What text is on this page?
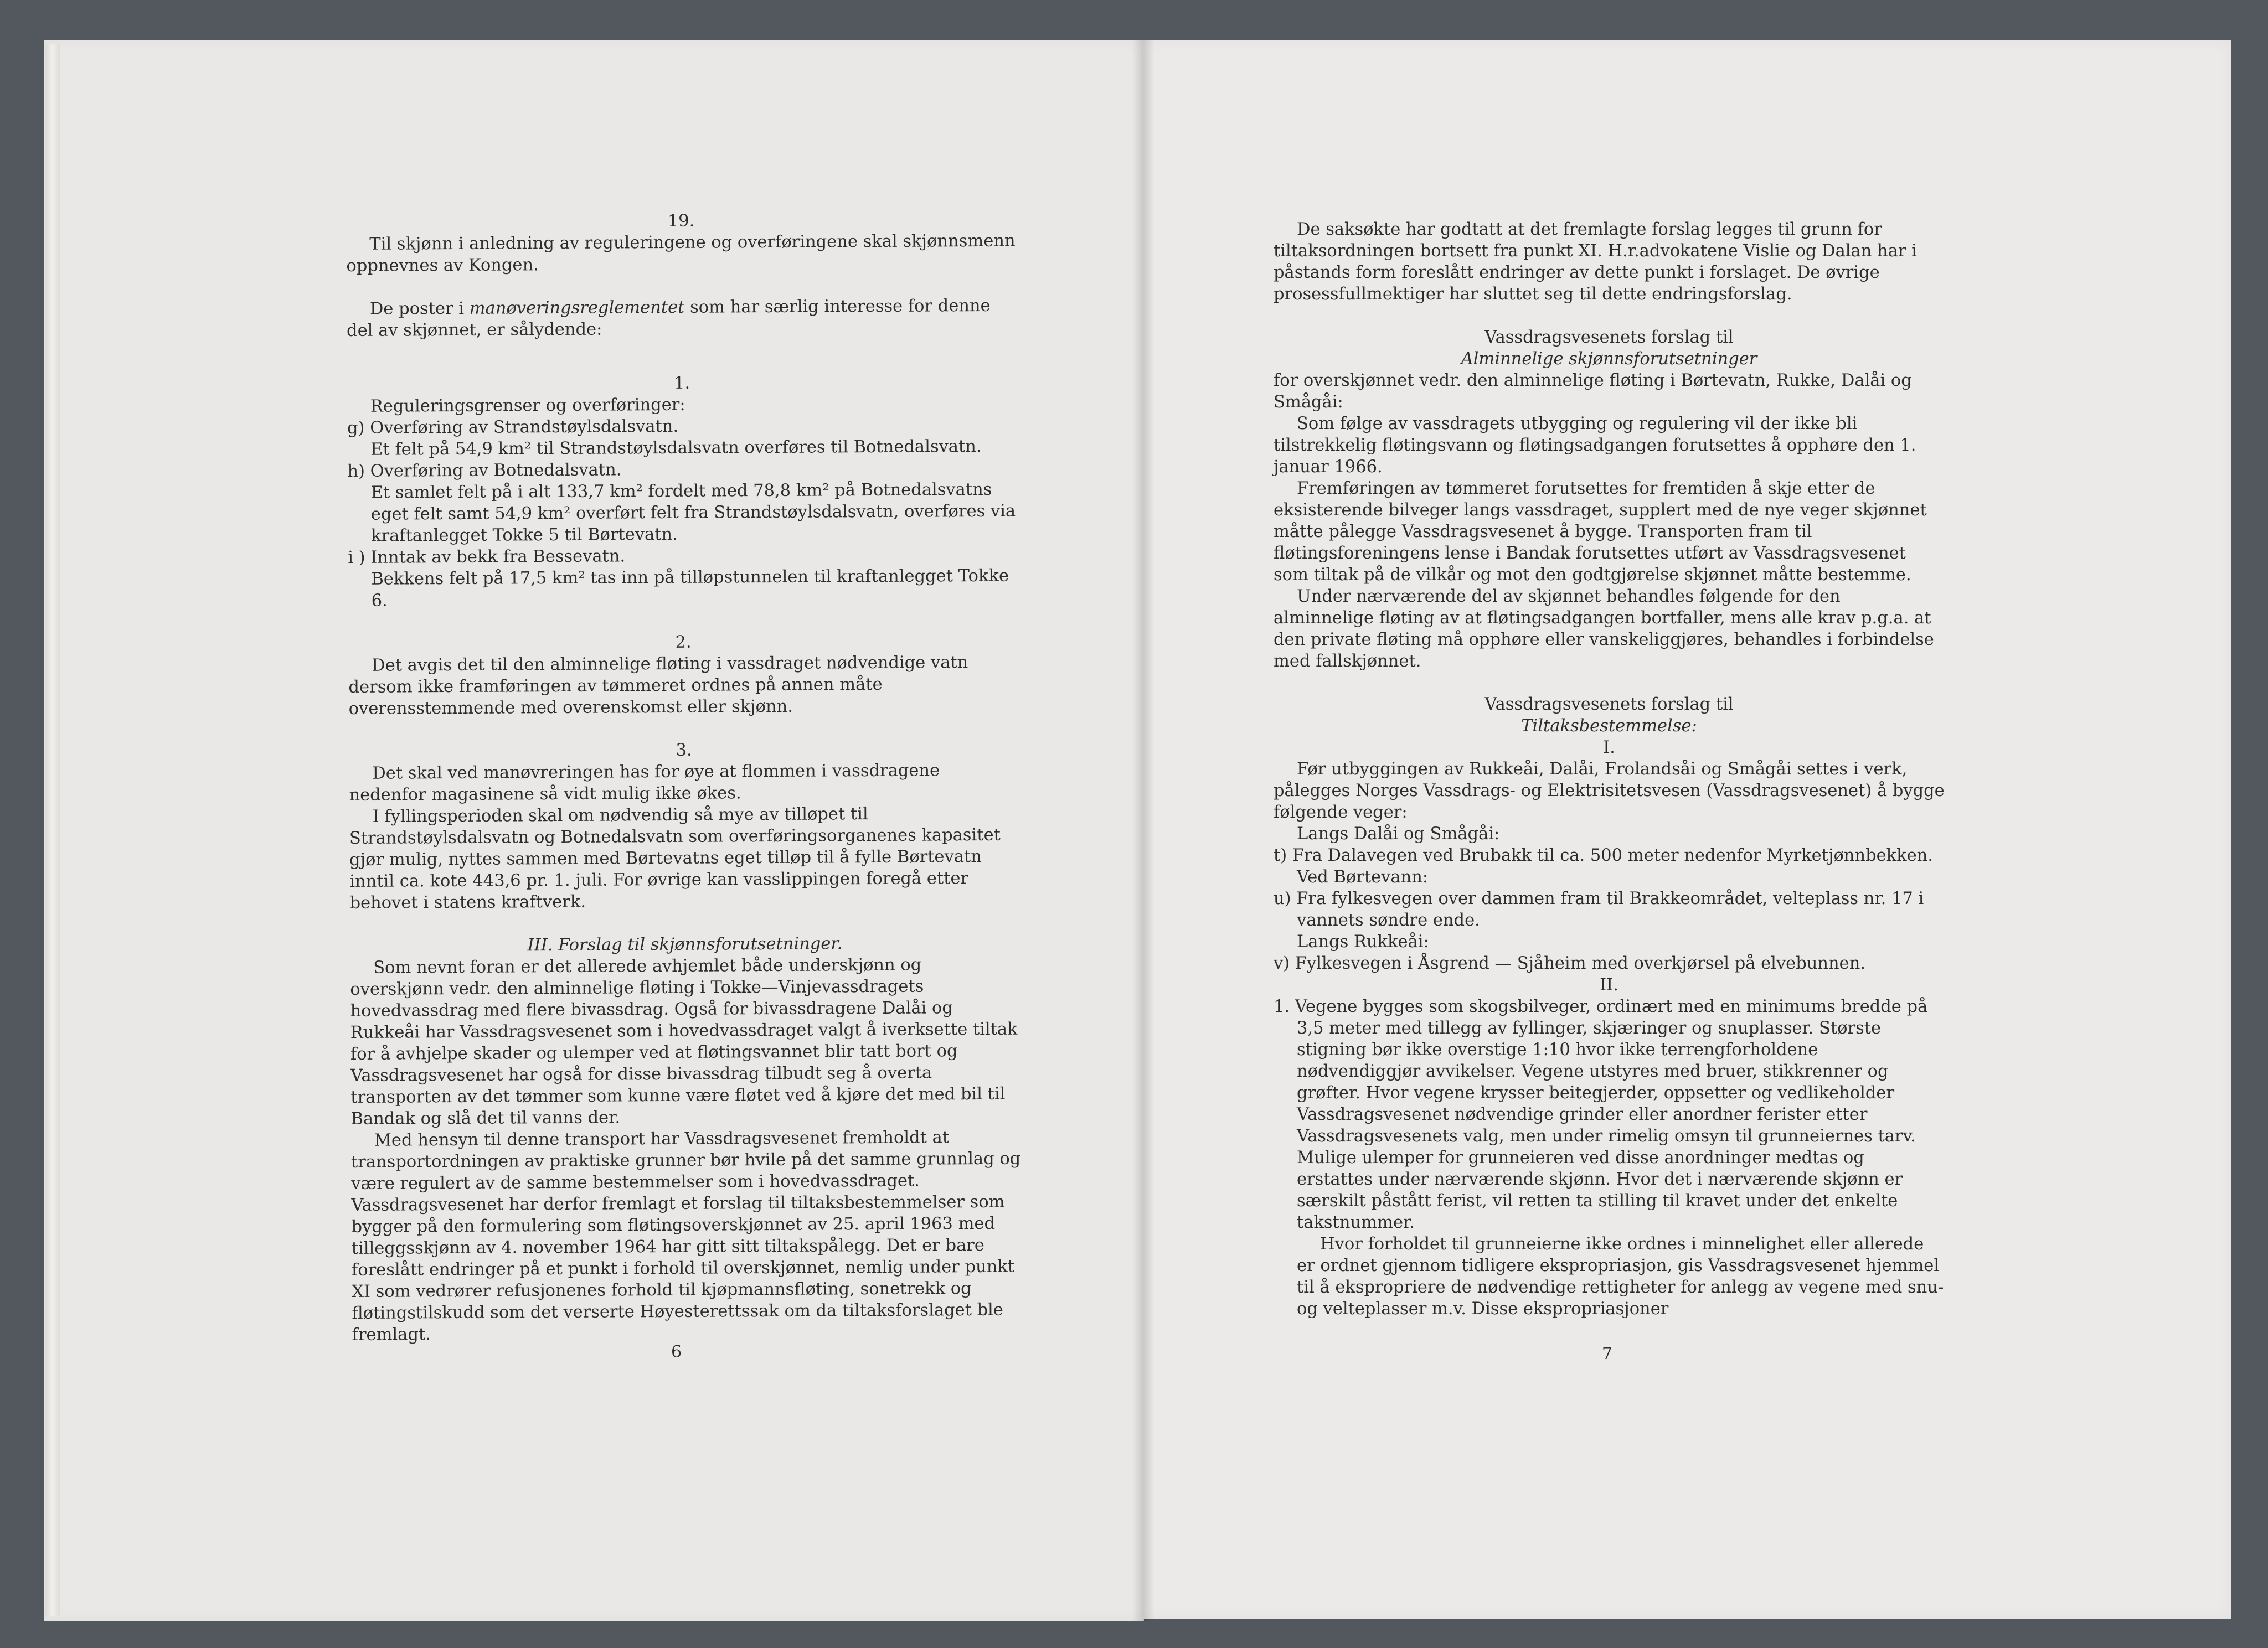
19.

Til skjønn i anledning av reguleringene og overføringene skal skjønnsmenn oppnevnes av Kongen.

De poster i manøveringsreglementet som har særlig interesse for denne del av skjønnet, er sålydende:

1.

Reguleringsgrenser og overføringer:

g) Overføring av Strandstøylsdalsvatn.

Et felt på 54,9 km² til Strandstøylsdalsvatn overføres til Botnedalsvatn.

h) Overføring av Botnedalsvatn.

Et samlet felt på i alt 133,7 km² fordelt med 78,8 km² på Botnedalsvatns eget felt samt 54,9 km² overført felt fra Strandstøylsdalsvatn, overføres via kraftanlegget Tokke 5 til Børtevatn.

i ) Inntak av bekk fra Bessevatn.

Bekkens felt på 17,5 km² tas inn på tilløpstunnelen til kraftanlegget Tokke 6.

2.

Det avgis det til den alminnelige fløting i vassdraget nødvendige vatn dersom ikke framføringen av tømmeret ordnes på annen måte overensstemmende med overenskomst eller skjønn.

3.

Det skal ved manøvreringen has for øye at flommen i vassdragene nedenfor magasinene så vidt mulig ikke økes.

I fyllingsperioden skal om nødvendig så mye av tilløpet til Strandstøylsdalsvatn og Botnedalsvatn som overføringsorganenes kapasitet gjør mulig, nyttes sammen med Børtevatns eget tilløp til å fylle Børtevatn inntil ca. kote 443,6 pr. 1. juli. For øvrige kan vasslippingen foregå etter behovet i statens kraftverk.

III. Forslag til skjønnsforutsetninger.

Som nevnt foran er det allerede avhjemlet både underskjønn og overskjønn vedr. den alminnelige fløting i Tokke—Vinjevassdragets hovedvassdrag med flere bivassdrag. Også for bivassdragene Dalåi og Rukkeåi har Vassdragsvesenet som i hovedvassdraget valgt å iverksette tiltak for å avhjelpe skader og ulemper ved at fløtingsvannet blir tatt bort og Vassdragsvesenet har også for disse bivassdrag tilbudt seg å overta transporten av det tømmer som kunne være fløtet ved å kjøre det med bil til Bandak og slå det til vanns der.

Med hensyn til denne transport har Vassdragsvesenet fremholdt at transportordningen av praktiske grunner bør hvile på det samme grunnlag og være regulert av de samme bestemmelser som i hovedvassdraget. Vassdragsvesenet har derfor fremlagt et forslag til tiltaksbestemmelser som bygger på den formulering som fløtingsoverskjønnet av 25. april 1963 med tilleggsskjønn av 4. november 1964 har gitt sitt tiltakspålegg. Det er bare foreslått endringer på et punkt i forhold til overskjønnet, nemlig under punkt XI som vedrører refusjonenes forhold til kjøpmannsfløting, sonetrekk og fløtingstilskudd som det verserte Høyesterettssak om da tiltaksforslaget ble fremlagt.

6

De saksøkte har godtatt at det fremlagte forslag legges til grunn for tiltaksordningen bortsett fra punkt XI. H.r.advokatene Vislie og Dalan har i påstands form foreslått endringer av dette punkt i forslaget. De øvrige prosessfullmektiger har sluttet seg til dette endringsforslag.

Vassdragsvesenets forslag til

Alminnelige skjønnsforutsetninger

for overskjønnet vedr. den alminnelige fløting i Børtevatn, Rukke, Dalåi og Smågåi:

Som følge av vassdragets utbygging og regulering vil der ikke bli tilstrekkelig fløtingsvann og fløtingsadgangen forutsettes å opphøre den 1. januar 1966.

Fremføringen av tømmeret forutsettes for fremtiden å skje etter de eksisterende bilveger langs vassdraget, supplert med de nye veger skjønnet måtte pålegge Vassdragsvesenet å bygge. Transporten fram til fløtingsforeningens lense i Bandak forutsettes utført av Vassdragsvesenet som tiltak på de vilkår og mot den godtgjørelse skjønnet måtte bestemme.

Under nærværende del av skjønnet behandles følgende for den alminnelige fløting av at fløtingsadgangen bortfaller, mens alle krav p.g.a. at den private fløting må opphøre eller vanskeliggjøres, behandles i forbindelse med fallskjønnet.

Vassdragsvesenets forslag til

Tiltaksbestemmelse:

I.

Før utbyggingen av Rukkeåi, Dalåi, Frolandsåi og Smågåi settes i verk, pålegges Norges Vassdrags- og Elektrisitetsvesen (Vassdragsvesenet) å bygge følgende veger:

Langs Dalåi og Smågåi:

t) Fra Dalavegen ved Brubakk til ca. 500 meter nedenfor Myrketjønnbekken.

Ved Børtevann:

u) Fra fylkesvegen over dammen fram til Brakkeområdet, velteplass nr. 17 i vannets søndre ende.

Langs Rukkeåi:

v) Fylkesvegen i Åsgrend — Sjåheim med overkjørsel på elvebunnen.

II.

1. Vegene bygges som skogsbilveger, ordinært med en minimums bredde på 3,5 meter med tillegg av fyllinger, skjæringer og snuplasser. Største stigning bør ikke overstige 1:10 hvor ikke terrengforholdene nødvendiggjør avvikelser. Vegene utstyres med bruer, stikkrenner og grøfter. Hvor vegene krysser beitegjerder, oppsetter og vedlikeholder Vassdragsvesenet nødvendige grinder eller anordner ferister etter Vassdragsvesenets valg, men under rimelig omsyn til grunneiernes tarv. Mulige ulemper for grunneieren ved disse anordninger medtas og erstattes under nærværende skjønn. Hvor det i nærværende skjønn er særskilt påstått ferist, vil retten ta stilling til kravet under det enkelte takstnummer.

Hvor forholdet til grunneierne ikke ordnes i minnelighet eller allerede er ordnet gjennom tidligere ekspropriasjon, gis Vassdragsvesenet hjemmel til å ekspropriere de nødvendige rettigheter for anlegg av vegene med snu- og velteplasser m.v. Disse ekspropriasjoner

7
